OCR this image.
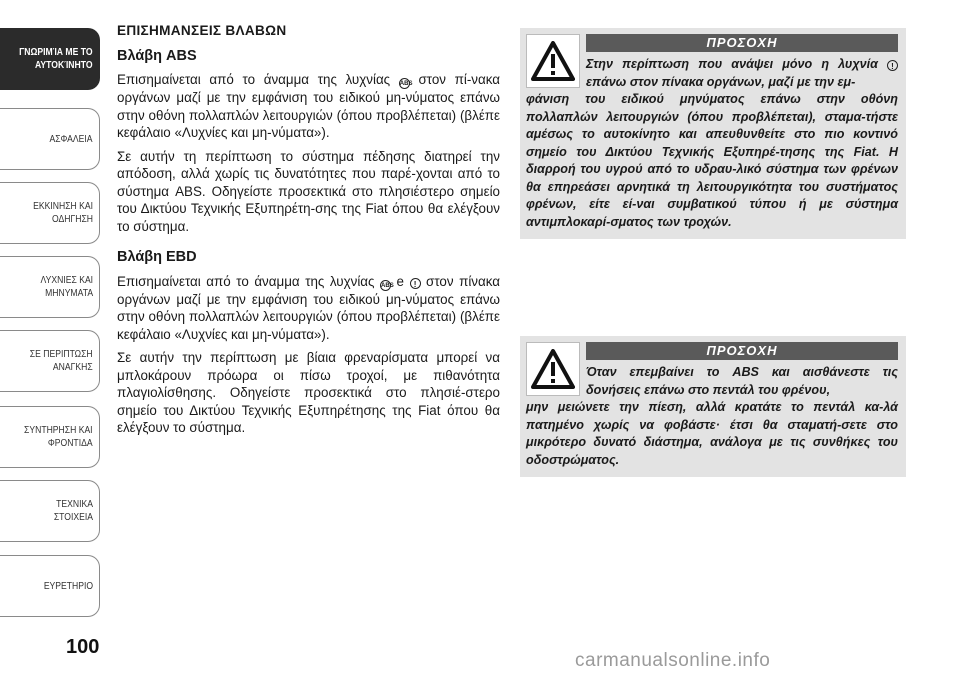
ΓΝΩΡΙΜΊΑ ΜΕ ΤΟ
ΑΥΤΟΚΊΝΗΤΟ
ΑΣΦΑΛΕΙΑ
ΕΚΚΙΝΗΣΗ ΚΑΙ
ΟΔΗΓΗΣΗ
ΛΥΧΝΙΕΣ ΚΑΙ
ΜΗΝΥΜΑΤΑ
ΣΕ ΠΕΡΙΠΤΩΣΗ
ΑΝΑΓΚΗΣ
ΣΥΝΤΗΡΗΣΗ ΚΑΙ
ΦΡΟΝΤΙΔΑ
ΤΕΧΝΙΚΑ ΣΤΟΙΧΕΙΑ
ΕΥΡΕΤΗΡΙΟ
100
ΕΠΙΣΗΜΑΝΣΕΙΣ ΒΛΑΒΩΝ
Βλάβη ABS

Επισημαίνεται από το άναμμα της λυχνίας ABS στον πί-νακα οργάνων μαζί με την εμφάνιση του ειδικού μη-νύματος επάνω στην οθόνη πολλαπλών λειτουργιών (όπου προβλέπεται) (βλέπε κεφάλαιο «Λυχνίες και μη-νύματα»).

Σε αυτήν τη περίπτωση το σύστημα πέδησης διατηρεί την απόδοση, αλλά χωρίς τις δυνατότητες που παρέ-χονται από το σύστημα ABS. Οδηγείστε προσεκτικά στο πλησιέστερο σημείο του Δικτύου Τεχνικής Εξυπηρέτη-σης της Fiat όπου θα ελέγξουν το σύστημα.

Βλάβη EBD

Επισημαίνεται από το άναμμα της λυχνίας ABS e ! στον πίνακα οργάνων μαζί με την εμφάνιση του ειδικού μη-νύματος επάνω στην οθόνη πολλαπλών λειτουργιών (όπου προβλέπεται) (βλέπε κεφάλαιο «Λυχνίες και μη-νύματα»).

Σε αυτήν την περίπτωση με βίαια φρεναρίσματα μπορεί να μπλοκάρουν πρόωρα οι πίσω τροχοί, με πιθανότητα πλαγιολίσθησης. Οδηγείστε προσεκτικά στο πλησιέ-στερο σημείο του Δικτύου Τεχνικής Εξυπηρέτησης της Fiat όπου θα ελέγξουν το σύστημα.

ΠΡΟΣΟΧΗ
Στην περίπτωση που ανάψει μόνο η λυχνία ! επάνω στον πίνακα οργάνων, μαζί με την εμ-
φάνιση του ειδικού μηνύματος επάνω στην οθόνη πολλαπλών λειτουργιών (όπου προβλέπεται), σταμα-τήστε αμέσως το αυτοκίνητο και απευθυνθείτε στο πιο κοντινό σημείο του Δικτύου Τεχνικής Εξυπηρέ-τησης της Fiat. Η διαρροή του υγρού από το υδραυ-λικό σύστημα των φρένων θα επηρεάσει αρνητικά τη λειτουργικότητα του συστήματος φρένων, είτε εί-ναι συμβατικού τύπου ή με σύστημα αντιμπλοκαρί-σματος των τροχών.
ΠΡΟΣΟΧΗ
Όταν επεμβαίνει το ABS και αισθάνεστε τις δονήσεις επάνω στο πεντάλ του φρένου,
μην μειώνετε την πίεση, αλλά κρατάτε το πεντάλ κα-λά πατημένο χωρίς να φοβάστε· έτσι θα σταματή-σετε στο μικρότερο δυνατό διάστημα, ανάλογα με τις συνθήκες του οδοστρώματος.
carmanualsonline.info
